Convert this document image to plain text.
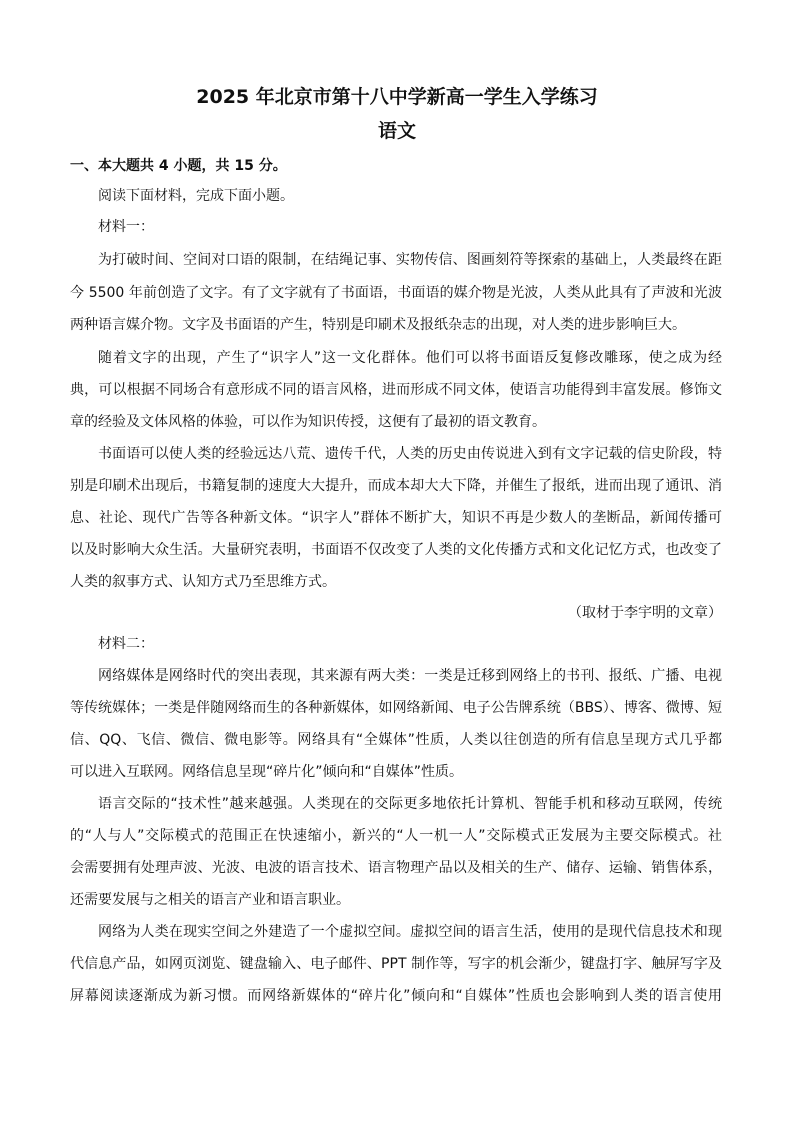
2025 年北京市第十八中学新高一学生入学练习
语文
一、本大题共 4 小题，共 15 分。

阅读下面材料，完成下面小题。

材料一：

为打破时间、空间对口语的限制，在结绳记事、实物传信、图画刻符等探索的基础上，人类最终在距

今 5500 年前创造了文字。有了文字就有了书面语，书面语的媒介物是光波，人类从此具有了声波和光波

两种语言媒介物。文字及书面语的产生，特别是印刷术及报纸杂志的出现，对人类的进步影响巨大。

随着文字的出现，产生了“识字人”这一文化群体。他们可以将书面语反复修改雕琢，使之成为经

典，可以根据不同场合有意形成不同的语言风格，进而形成不同文体，使语言功能得到丰富发展。修饰文

章的经验及文体风格的体验，可以作为知识传授，这便有了最初的语文教育。

书面语可以使人类的经验远达八荒、遗传千代，人类的历史由传说进入到有文字记载的信史阶段，特

别是印刷术出现后，书籍复制的速度大大提升，而成本却大大下降，并催生了报纸，进而出现了通讯、消

息、社论、现代广告等各种新文体。“识字人”群体不断扩大，知识不再是少数人的垄断品，新闻传播可

以及时影响大众生活。大量研究表明，书面语不仅改变了人类的文化传播方式和文化记忆方式，也改变了

人类的叙事方式、认知方式乃至思维方式。

（取材于李宇明的文章）

材料二：

网络媒体是网络时代的突出表现，其来源有两大类：一类是迁移到网络上的书刊、报纸、广播、电视

等传统媒体；一类是伴随网络而生的各种新媒体，如网络新闻、电子公告牌系统（BBS）、博客、微博、短

信、QQ、飞信、微信、微电影等。网络具有“全媒体”性质，人类以往创造的所有信息呈现方式几乎都

可以进入互联网。网络信息呈现“碎片化”倾向和“自媒体”性质。

语言交际的“技术性”越来越强。人类现在的交际更多地依托计算机、智能手机和移动互联网，传统

的“人与人”交际模式的范围正在快速缩小，新兴的“人一机一人”交际模式正发展为主要交际模式。社

会需要拥有处理声波、光波、电波的语言技术、语言物理产品以及相关的生产、储存、运输、销售体系，

还需要发展与之相关的语言产业和语言职业。

网络为人类在现实空间之外建造了一个虚拟空间。虚拟空间的语言生活，使用的是现代信息技术和现

代信息产品，如网页浏览、键盘输入、电子邮件、PPT 制作等，写字的机会渐少，键盘打字、触屏写字及

屏幕阅读逐渐成为新习惯。而网络新媒体的“碎片化”倾向和“自媒体”性质也会影响到人类的语言使用
